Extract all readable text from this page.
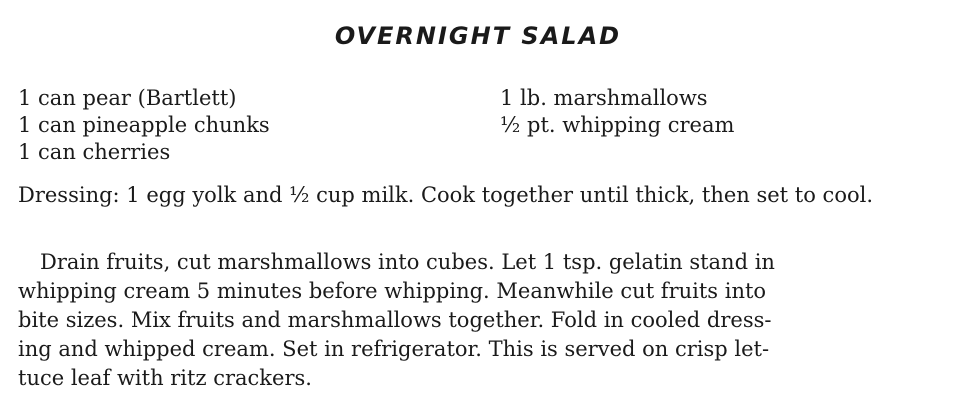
OVERNIGHT SALAD
1 can pear (Bartlett)
1 can pineapple chunks
1 can cherries
1 lb. marshmallows
½ pt. whipping cream
Dressing: 1 egg yolk and ½ cup milk. Cook together until thick, then set to cool.
Drain fruits, cut marshmallows into cubes. Let 1 tsp. gelatin stand in
whipping cream 5 minutes before whipping. Meanwhile cut fruits into
bite sizes. Mix fruits and marshmallows together. Fold in cooled dress-
ing and whipped cream. Set in refrigerator. This is served on crisp let-
tuce leaf with ritz crackers.
